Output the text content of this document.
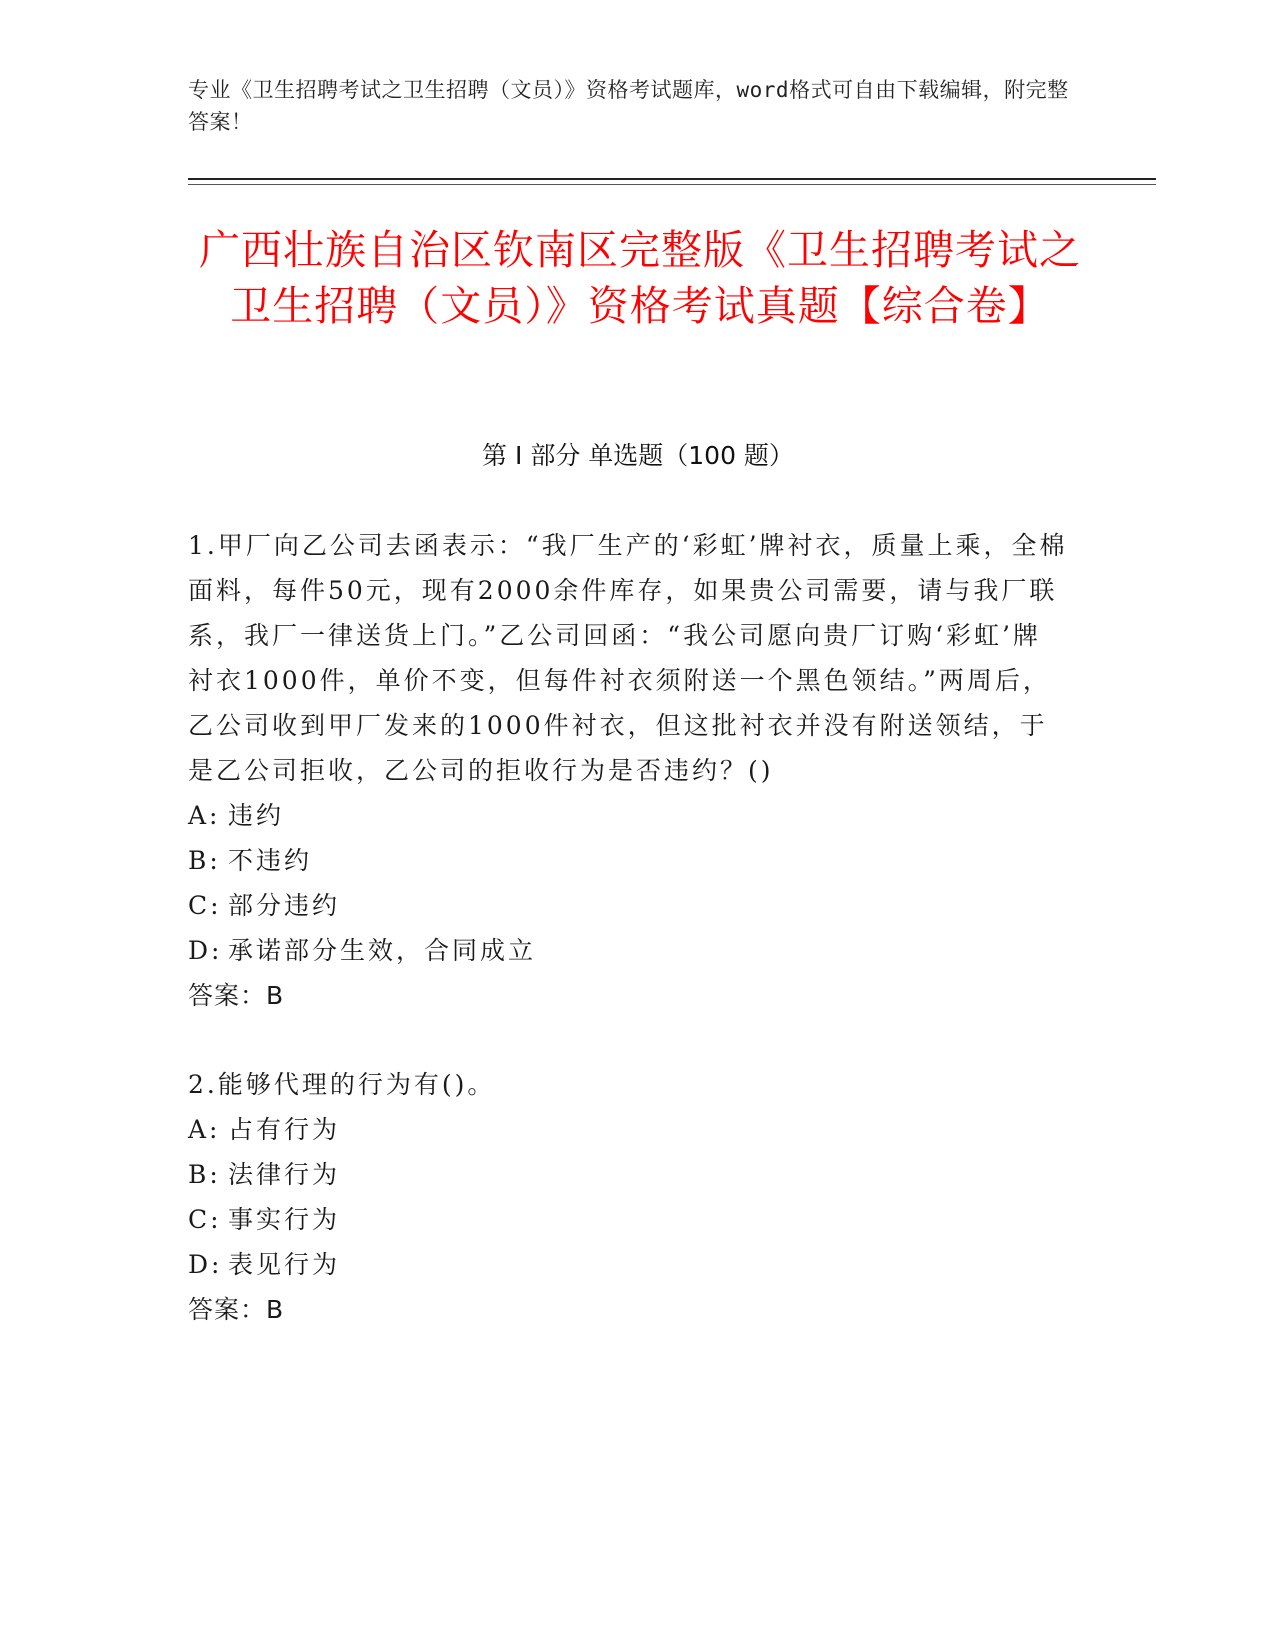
专业《卫生招聘考试之卫生招聘（文员）》资格考试题库，word格式可自由下载编辑，附完整答案！
广西壮族自治区钦南区完整版《卫生招聘考试之卫生招聘（文员）》资格考试真题【综合卷】
第 I 部分 单选题（100 题）

1.甲厂向乙公司去函表示：“我厂生产的‘彩虹’牌衬衣，质量上乘，全棉面料，每件50元，现有2000余件库存，如果贵公司需要，请与我厂联系，我厂一律送货上门。”乙公司回函：“我公司愿向贵厂订购‘彩虹’牌衬衣1000件，单价不变，但每件衬衣须附送一个黑色领结。”两周后，乙公司收到甲厂发来的1000件衬衣，但这批衬衣并没有附送领结，于是乙公司拒收，乙公司的拒收行为是否违约？()

A: 违约
B: 不违约
C: 部分违约
D: 承诺部分生效，合同成立

答案：B

2.能够代理的行为有()。

A: 占有行为
B: 法律行为
C: 事实行为
D: 表见行为

答案：B
